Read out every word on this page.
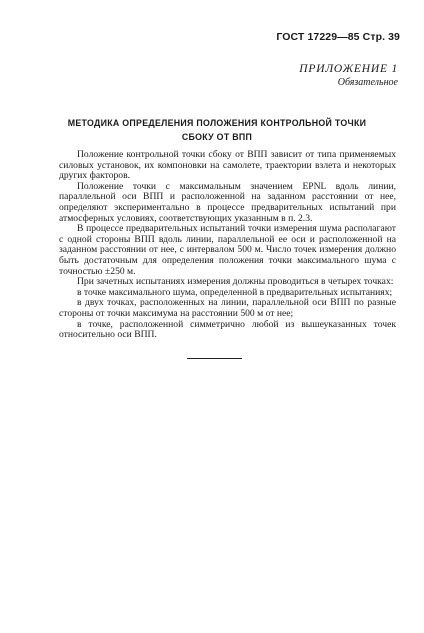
ГОСТ 17229—85 Стр. 39
ПРИЛОЖЕНИЕ 1
Обязательное
МЕТОДИКА ОПРЕДЕЛЕНИЯ ПОЛОЖЕНИЯ КОНТРОЛЬНОЙ ТОЧКИ
СБОКУ ОТ ВПП

Положение контрольной точки сбоку от ВПП зависит от типа применяемых силовых установок, их компоновки на самолете, траектории взлета и некоторых других факторов.

Положение точки с максимальным значением EPNL вдоль линии, параллельной оси ВПП и расположенной на заданном расстоянии от нее, определяют экспериментально в процессе предварительных испытаний при атмосферных условиях, соответствующих указанным в п. 2.3.

В процессе предварительных испытаний точки измерения шума располагают с одной стороны ВПП вдоль линии, параллельной ее оси и расположенной на заданном расстоянии от нее, с интервалом 500 м. Число точек измерения должно быть достаточным для определения положения точки максимального шума с точностью ±250 м.

При зачетных испытаниях измерения должны проводиться в четырех точках:

в точке максимального шума, определенной в предварительных испытаниях;

в двух точках, расположенных на линии, параллельной оси ВПП по разные стороны от точки максимума на расстоянии 500 м от нее;

в точке, расположенной симметрично любой из вышеуказанных точек относительно оси ВПП.
